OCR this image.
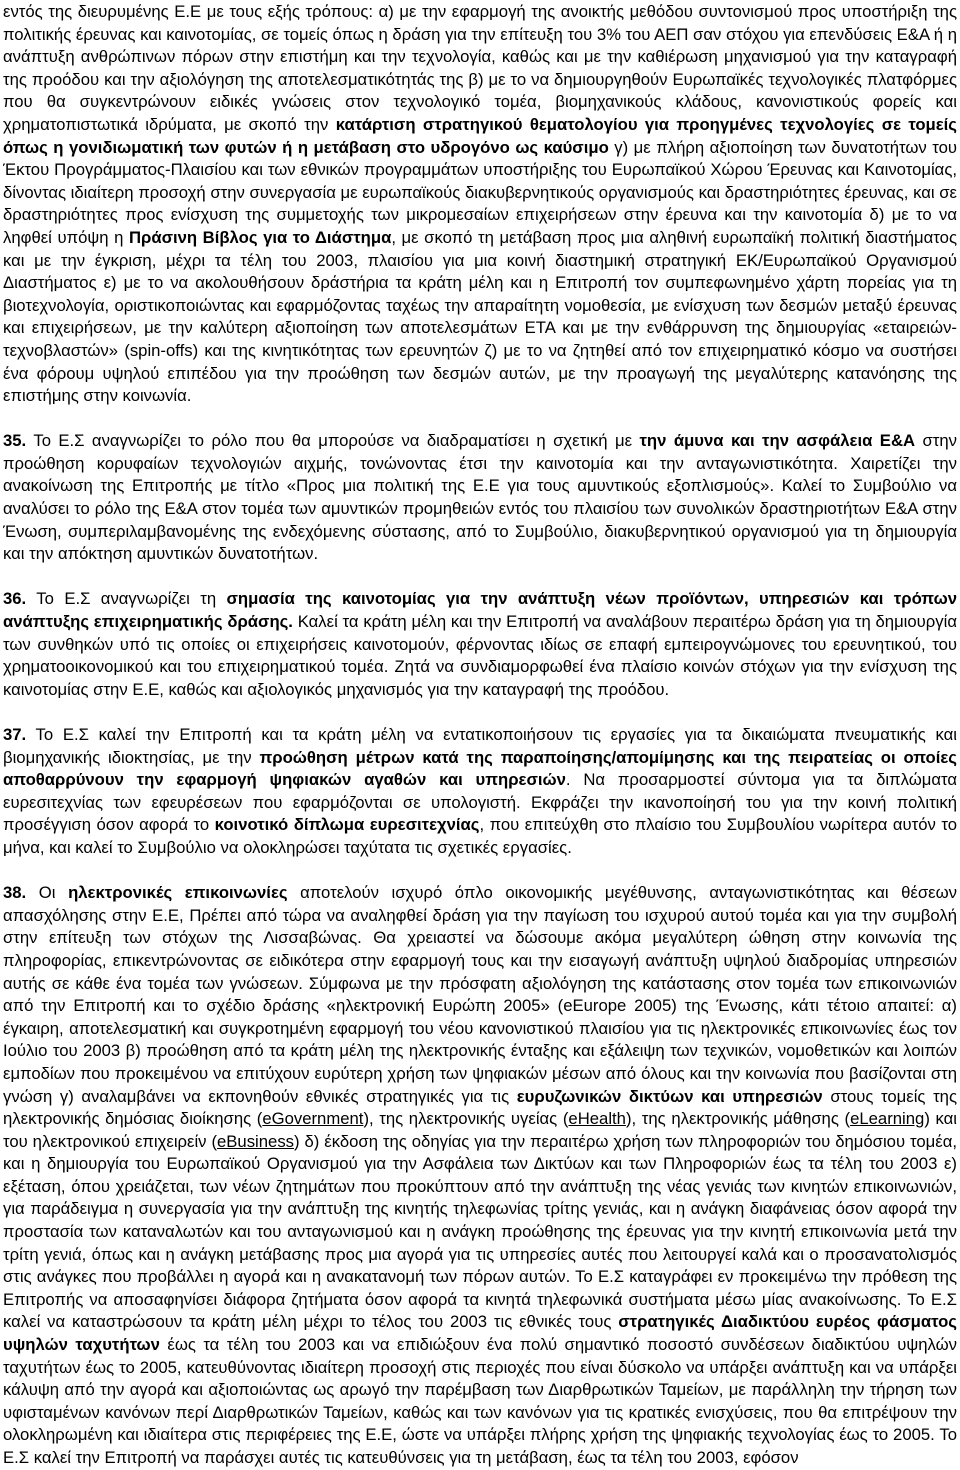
εντός της διευρυμένης Ε.Ε με τους εξής τρόπους: α) με την εφαρμογή της ανοικτής μεθόδου συντονισμού προς υποστήριξη της πολιτικής έρευνας και καινοτομίας, σε τομείς όπως η δράση για την επίτευξη του 3% του ΑΕΠ σαν στόχου για επενδύσεις Ε&Α ή η ανάπτυξη ανθρώπινων πόρων στην επιστήμη και την τεχνολογία, καθώς και με την καθιέρωση μηχανισμού για την καταγραφή της προόδου και την αξιολόγηση της αποτελεσματικότητάς της β) με το να δημιουργηθούν Ευρωπαϊκές τεχνολογικές πλατφόρμες που θα συγκεντρώνουν ειδικές γνώσεις στον τεχνολογικό τομέα, βιομηχανικούς κλάδους, κανονιστικούς φορείς και χρηματοπιστωτικά ιδρύματα, με σκοπό την κατάρτιση στρατηγικού θεματολογίου για προηγμένες τεχνολογίες σε τομείς όπως η γονιδιωματική των φυτών ή η μετάβαση στο υδρογόνο ως καύσιμο γ) με πλήρη αξιοποίηση των δυνατοτήτων του Έκτου Προγράμματος-Πλαισίου και των εθνικών προγραμμάτων υποστήριξης του Ευρωπαϊκού Χώρου Έρευνας και Καινοτομίας, δίνοντας ιδιαίτερη προσοχή στην συνεργασία με ευρωπαϊκούς διακυβερνητικούς οργανισμούς και δραστηριότητες έρευνας, και σε δραστηριότητες προς ενίσχυση της συμμετοχής των μικρομεσαίων επιχειρήσεων στην έρευνα και την καινοτομία δ) με το να ληφθεί υπόψη η Πράσινη Βίβλος για το Διάστημα, με σκοπό τη μετάβαση προς μια αληθινή ευρωπαϊκή πολιτική διαστήματος και με την έγκριση, μέχρι τα τέλη του 2003, πλαισίου για μια κοινή διαστημική στρατηγική ΕΚ/Ευρωπαϊκού Οργανισμού Διαστήματος ε) με το να ακολουθήσουν δράστήρια τα κράτη μέλη και η Επιτροπή τον συμπεφωνημένο χάρτη πορείας για τη βιοτεχνολογία, οριστικοποιώντας και εφαρμόζοντας ταχέως την απαραίτητη νομοθεσία, με ενίσχυση των δεσμών μεταξύ έρευνας και επιχειρήσεων, με την καλύτερη αξιοποίηση των αποτελεσμάτων ΕΤΑ και με την ενθάρρυνση της δημιουργίας «εταιρειών-τεχνοβλαστών» (spin-offs) και της κινητικότητας των ερευνητών ζ) με το να ζητηθεί από τον επιχειρηματικό κόσμο να συστήσει ένα φόρουμ υψηλού επιπέδου για την προώθηση των δεσμών αυτών, με την προαγωγή της μεγαλύτερης κατανόησης της επιστήμης στην κοινωνία.

35. Το Ε.Σ αναγνωρίζει το ρόλο που θα μπορούσε να διαδραματίσει η σχετική με την άμυνα και την ασφάλεια Ε&Α στην προώθηση κορυφαίων τεχνολογιών αιχμής, τονώνοντας έτσι την καινοτομία και την ανταγωνιστικότητα. Χαιρετίζει την ανακοίνωση της Επιτροπής με τίτλο «Προς μια πολιτική της Ε.Ε για τους αμυντικούς εξοπλισμούς». Καλεί το Συμβούλιο να αναλύσει το ρόλο της Ε&Α στον τομέα των αμυντικών προμηθειών εντός του πλαισίου των συνολικών δραστηριοτήτων Ε&Α στην Ένωση, συμπεριλαμβανομένης της ενδεχόμενης σύστασης, από το Συμβούλιο, διακυβερνητικού οργανισμού για τη δημιουργία και την απόκτηση αμυντικών δυνατοτήτων.

36. Το Ε.Σ αναγνωρίζει τη σημασία της καινοτομίας για την ανάπτυξη νέων προϊόντων, υπηρεσιών και τρόπων ανάπτυξης επιχειρηματικής δράσης. Καλεί τα κράτη μέλη και την Επιτροπή να αναλάβουν περαιτέρω δράση για τη δημιουργία των συνθηκών υπό τις οποίες οι επιχειρήσεις καινοτομούν, φέρνοντας ιδίως σε επαφή εμπειρογνώμονες του ερευνητικού, του χρηματοοικονομικού και του επιχειρηματικού τομέα. Ζητά να συνδιαμορφωθεί ένα πλαίσιο κοινών στόχων για την ενίσχυση της καινοτομίας στην Ε.Ε, καθώς και αξιολογικός μηχανισμός για την καταγραφή της προόδου.

37. Το Ε.Σ καλεί την Επιτροπή και τα κράτη μέλη να εντατικοποιήσουν τις εργασίες για τα δικαιώματα πνευματικής και βιομηχανικής ιδιοκτησίας, με την προώθηση μέτρων κατά της παραποίησης/απομίμησης και της πειρατείας οι οποίες αποθαρρύνουν την εφαρμογή ψηφιακών αγαθών και υπηρεσιών. Να προσαρμοστεί σύντομα για τα διπλώματα ευρεσιτεχνίας των εφευρέσεων που εφαρμόζονται σε υπολογιστή. Εκφράζει την ικανοποίησή του για την κοινή πολιτική προσέγγιση όσον αφορά το κοινοτικό δίπλωμα ευρεσιτεχνίας, που επιτεύχθη στο πλαίσιο του Συμβουλίου νωρίτερα αυτόν το μήνα, και καλεί το Συμβούλιο να ολοκληρώσει ταχύτατα τις σχετικές εργασίες.

38. Οι ηλεκτρονικές επικοινωνίες αποτελούν ισχυρό όπλο οικονομικής μεγέθυνσης, ανταγωνιστικότητας και θέσεων απασχόλησης στην Ε.Ε, Πρέπει από τώρα να αναληφθεί δράση για την παγίωση του ισχυρού αυτού τομέα και για την συμβολή στην επίτευξη των στόχων της Λισσαβώνας. Θα χρειαστεί να δώσουμε ακόμα μεγαλύτερη ώθηση στην κοινωνία της πληροφορίας, επικεντρώνοντας σε ειδικότερα στην εφαρμογή τους και την εισαγωγή ανάπτυξη υψηλού διαδρομίας υπηρεσιών αυτής σε κάθε ένα τομέα των γνώσεων. Σύμφωνα με την πρόσφατη αξιολόγηση της κατάστασης στον τομέα των επικοινωνιών από την Επιτροπή και το σχέδιο δράσης «ηλεκτρονική Ευρώπη 2005» (eEurope 2005) της Ένωσης, κάτι τέτοιο απαιτεί: α) έγκαιρη, αποτελεσματική και συγκροτημένη εφαρμογή του νέου κανονιστικού πλαισίου για τις ηλεκτρονικές επικοινωνίες έως τον Ιούλιο του 2003 β) προώθηση από τα κράτη μέλη της ηλεκτρονικής ένταξης και εξάλειψη των τεχνικών, νομοθετικών και λοιπών εμποδίων που προκειμένου να επιτύχουν ευρύτερη χρήση των ψηφιακών μέσων από όλους και την κοινωνία που βασίζονται στη γνώση γ) αναλαμβάνει να εκπονηθούν εθνικές στρατηγικές για τις ευρυζωνικών δικτύων και υπηρεσιών στους τομείς της ηλεκτρονικής δημόσιας διοίκησης (eGovernment), της ηλεκτρονικής υγείας (eHealth), της ηλεκτρονικής μάθησης (eLearning) και του ηλεκτρονικού επιχειρείν (eBusiness) δ) έκδοση της οδηγίας για την περαιτέρω χρήση των πληροφοριών του δημόσιου τομέα, και η δημιουργία του Ευρωπαϊκού Οργανισμού για την Ασφάλεια των Δικτύων και των Πληροφοριών έως τα τέλη του 2003 ε) εξέταση, όπου χρειάζεται, των νέων ζητημάτων που προκύπτουν από την ανάπτυξη της νέας γενιάς των κινητών επικοινωνιών, για παράδειγμα η συνεργασία για την ανάπτυξη της κινητής τηλεφωνίας τρίτης γενιάς, και η ανάγκη διαφάνειας όσον αφορά την προστασία των καταναλωτών και του ανταγωνισμού και η ανάγκη προώθησης της έρευνας για την κινητή επικοινωνία μετά την τρίτη γενιά, όπως και η ανάγκη μετάβασης προς μια αγορά για τις υπηρεσίες αυτές που λειτουργεί καλά και ο προσανατολισμός στις ανάγκες που προβάλλει η αγορά και η ανακατανομή των πόρων αυτών. Το Ε.Σ καταγράφει εν προκειμένω την πρόθεση της Επιτροπής να αποσαφηνίσει διάφορα ζητήματα όσον αφορά τα κινητά τηλεφωνικά συστήματα μέσω μίας ανακοίνωσης. Το Ε.Σ καλεί να καταστρώσουν τα κράτη μέλη μέχρι το τέλος του 2003 τις εθνικές τους στρατηγικές Διαδικτύου ευρέος φάσματος υψηλών ταχυτήτων έως τα τέλη του 2003 και να επιδιώξουν ένα πολύ σημαντικό ποσοστό συνδέσεων διαδικτύου υψηλών ταχυτήτων έως το 2005, κατευθύνοντας ιδιαίτερη προσοχή στις περιοχές που είναι δύσκολο να υπάρξει ανάπτυξη και να υπάρξει κάλυψη από την αγορά και αξιοποιώντας ως αρωγό την παρέμβαση των Διαρθρωτικών Ταμείων, με παράλληλη την τήρηση των υφισταμένων κανόνων περί Διαρθρωτικών Ταμείων, καθώς και των κανόνων για τις κρατικές ενισχύσεις, που θα επιτρέψουν την ολοκληρωμένη και ιδιαίτερα στις περιφέρειες της Ε.Ε, ώστε να υπάρξει πλήρης χρήση της ψηφιακής τεχνολογίας έως το 2005. Το Ε.Σ καλεί την Επιτροπή να παράσχει αυτές τις κατευθύνσεις για τη μετάβαση, έως τα τέλη του 2003, εφόσον
